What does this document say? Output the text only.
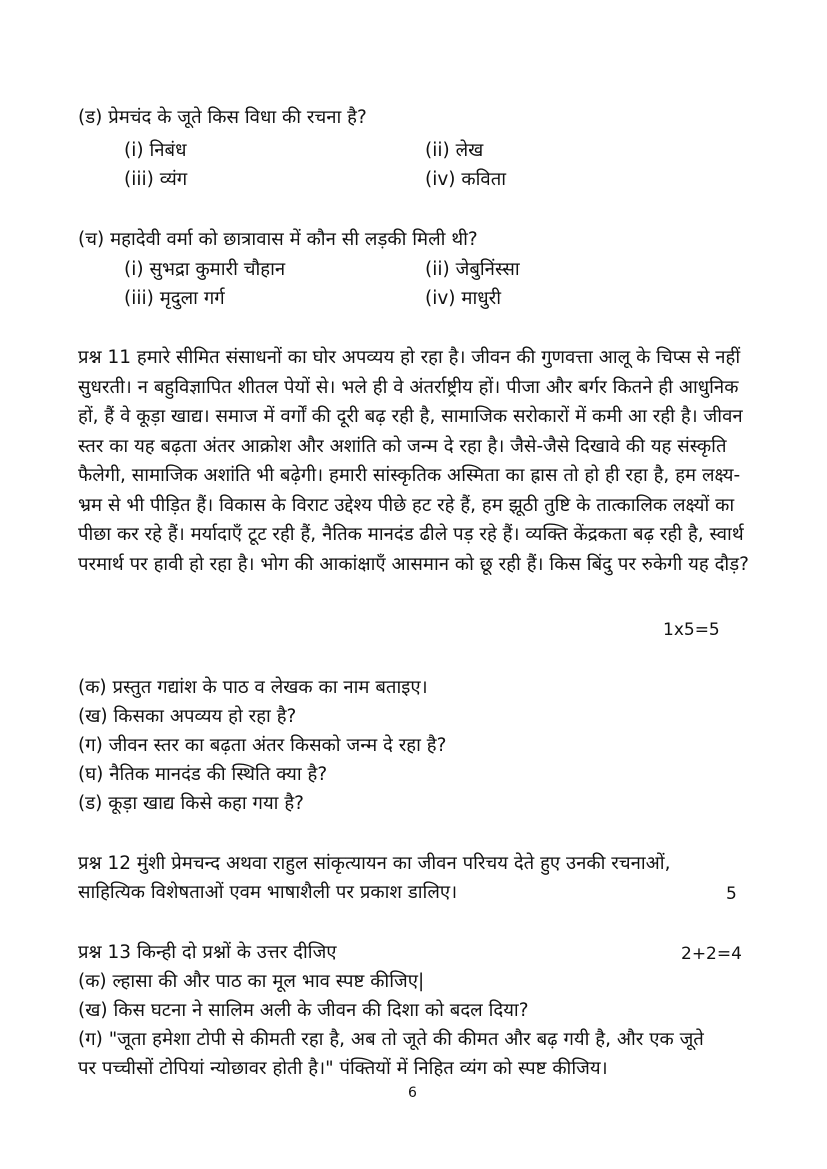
(ड) प्रेमचंद के जूते किस विधा की रचना है?
(i) निबंध	(ii) लेख
(iii) व्यंग	(iv) कविता
(च) महादेवी वर्मा को छात्रावास में कौन सी लड़की मिली थी?
(i) सुभद्रा कुमारी चौहान	(ii) जेबुनिंस्सा
(iii) मृदुला गर्ग	(iv) माधुरी
प्रश्न 11 हमारे सीमित संसाधनों का घोर अपव्यय हो रहा है। जीवन की गुणवत्ता आलू के चिप्स से नहीं सुधरती। न बहुविज्ञापित शीतल पेयों से। भले ही वे अंतर्राष्ट्रीय हों। पीजा और बर्गर कितने ही आधुनिक हों, हैं वे कूड़ा खाद्य। समाज में वर्गों की दूरी बढ़ रही है, सामाजिक सरोकारों में कमी आ रही है। जीवन स्तर का यह बढ़ता अंतर आक्रोश और अशांति को जन्म दे रहा है। जैसे-जैसे दिखावे की यह संस्कृति फैलेगी, सामाजिक अशांति भी बढ़ेगी। हमारी सांस्कृतिक अस्मिता का ह्रास तो हो ही रहा है, हम लक्ष्य-भ्रम से भी पीड़ित हैं। विकास के विराट उद्देश्य पीछे हट रहे हैं, हम झूठी तुष्टि के तात्कालिक लक्ष्यों का पीछा कर रहे हैं। मर्यादाएँ टूट रही हैं, नैतिक मानदंड ढीले पड़ रहे हैं। व्यक्ति केंद्रकता बढ़ रही है, स्वार्थ परमार्थ पर हावी हो रहा है। भोग की आकांक्षाएँ आसमान को छू रही हैं। किस बिंदु पर रुकेगी यह दौड़?
1x5=5
(क) प्रस्तुत गद्यांश के पाठ व लेखक का नाम बताइए।
(ख) किसका अपव्यय हो रहा है?
(ग) जीवन स्तर का बढ़ता अंतर किसको जन्म दे रहा है?
(घ) नैतिक मानदंड की स्थिति क्या है?
(ड) कूड़ा खाद्य किसे कहा गया है?
प्रश्न 12 मुंशी प्रेमचन्द अथवा राहुल सांकृत्यायन का जीवन परिचय देते हुए उनकी रचनाओं,
साहित्यिक विशेषताओं एवम भाषाशैली पर प्रकाश डालिए।	5
प्रश्न 13 किन्ही दो प्रश्नों के उत्तर दीजिए	2+2=4
(क) ल्हासा की और पाठ का मूल भाव स्पष्ट कीजिए|
(ख) किस घटना ने सालिम अली के जीवन की दिशा को बदल दिया?
(ग) "जूता हमेशा टोपी से कीमती रहा है, अब तो जूते की कीमत और बढ़ गयी है, और एक जूते
पर पच्चीसों टोपियां न्योछावर होती है।" पंक्तियों में निहित व्यंग को स्पष्ट कीजिय।
6
